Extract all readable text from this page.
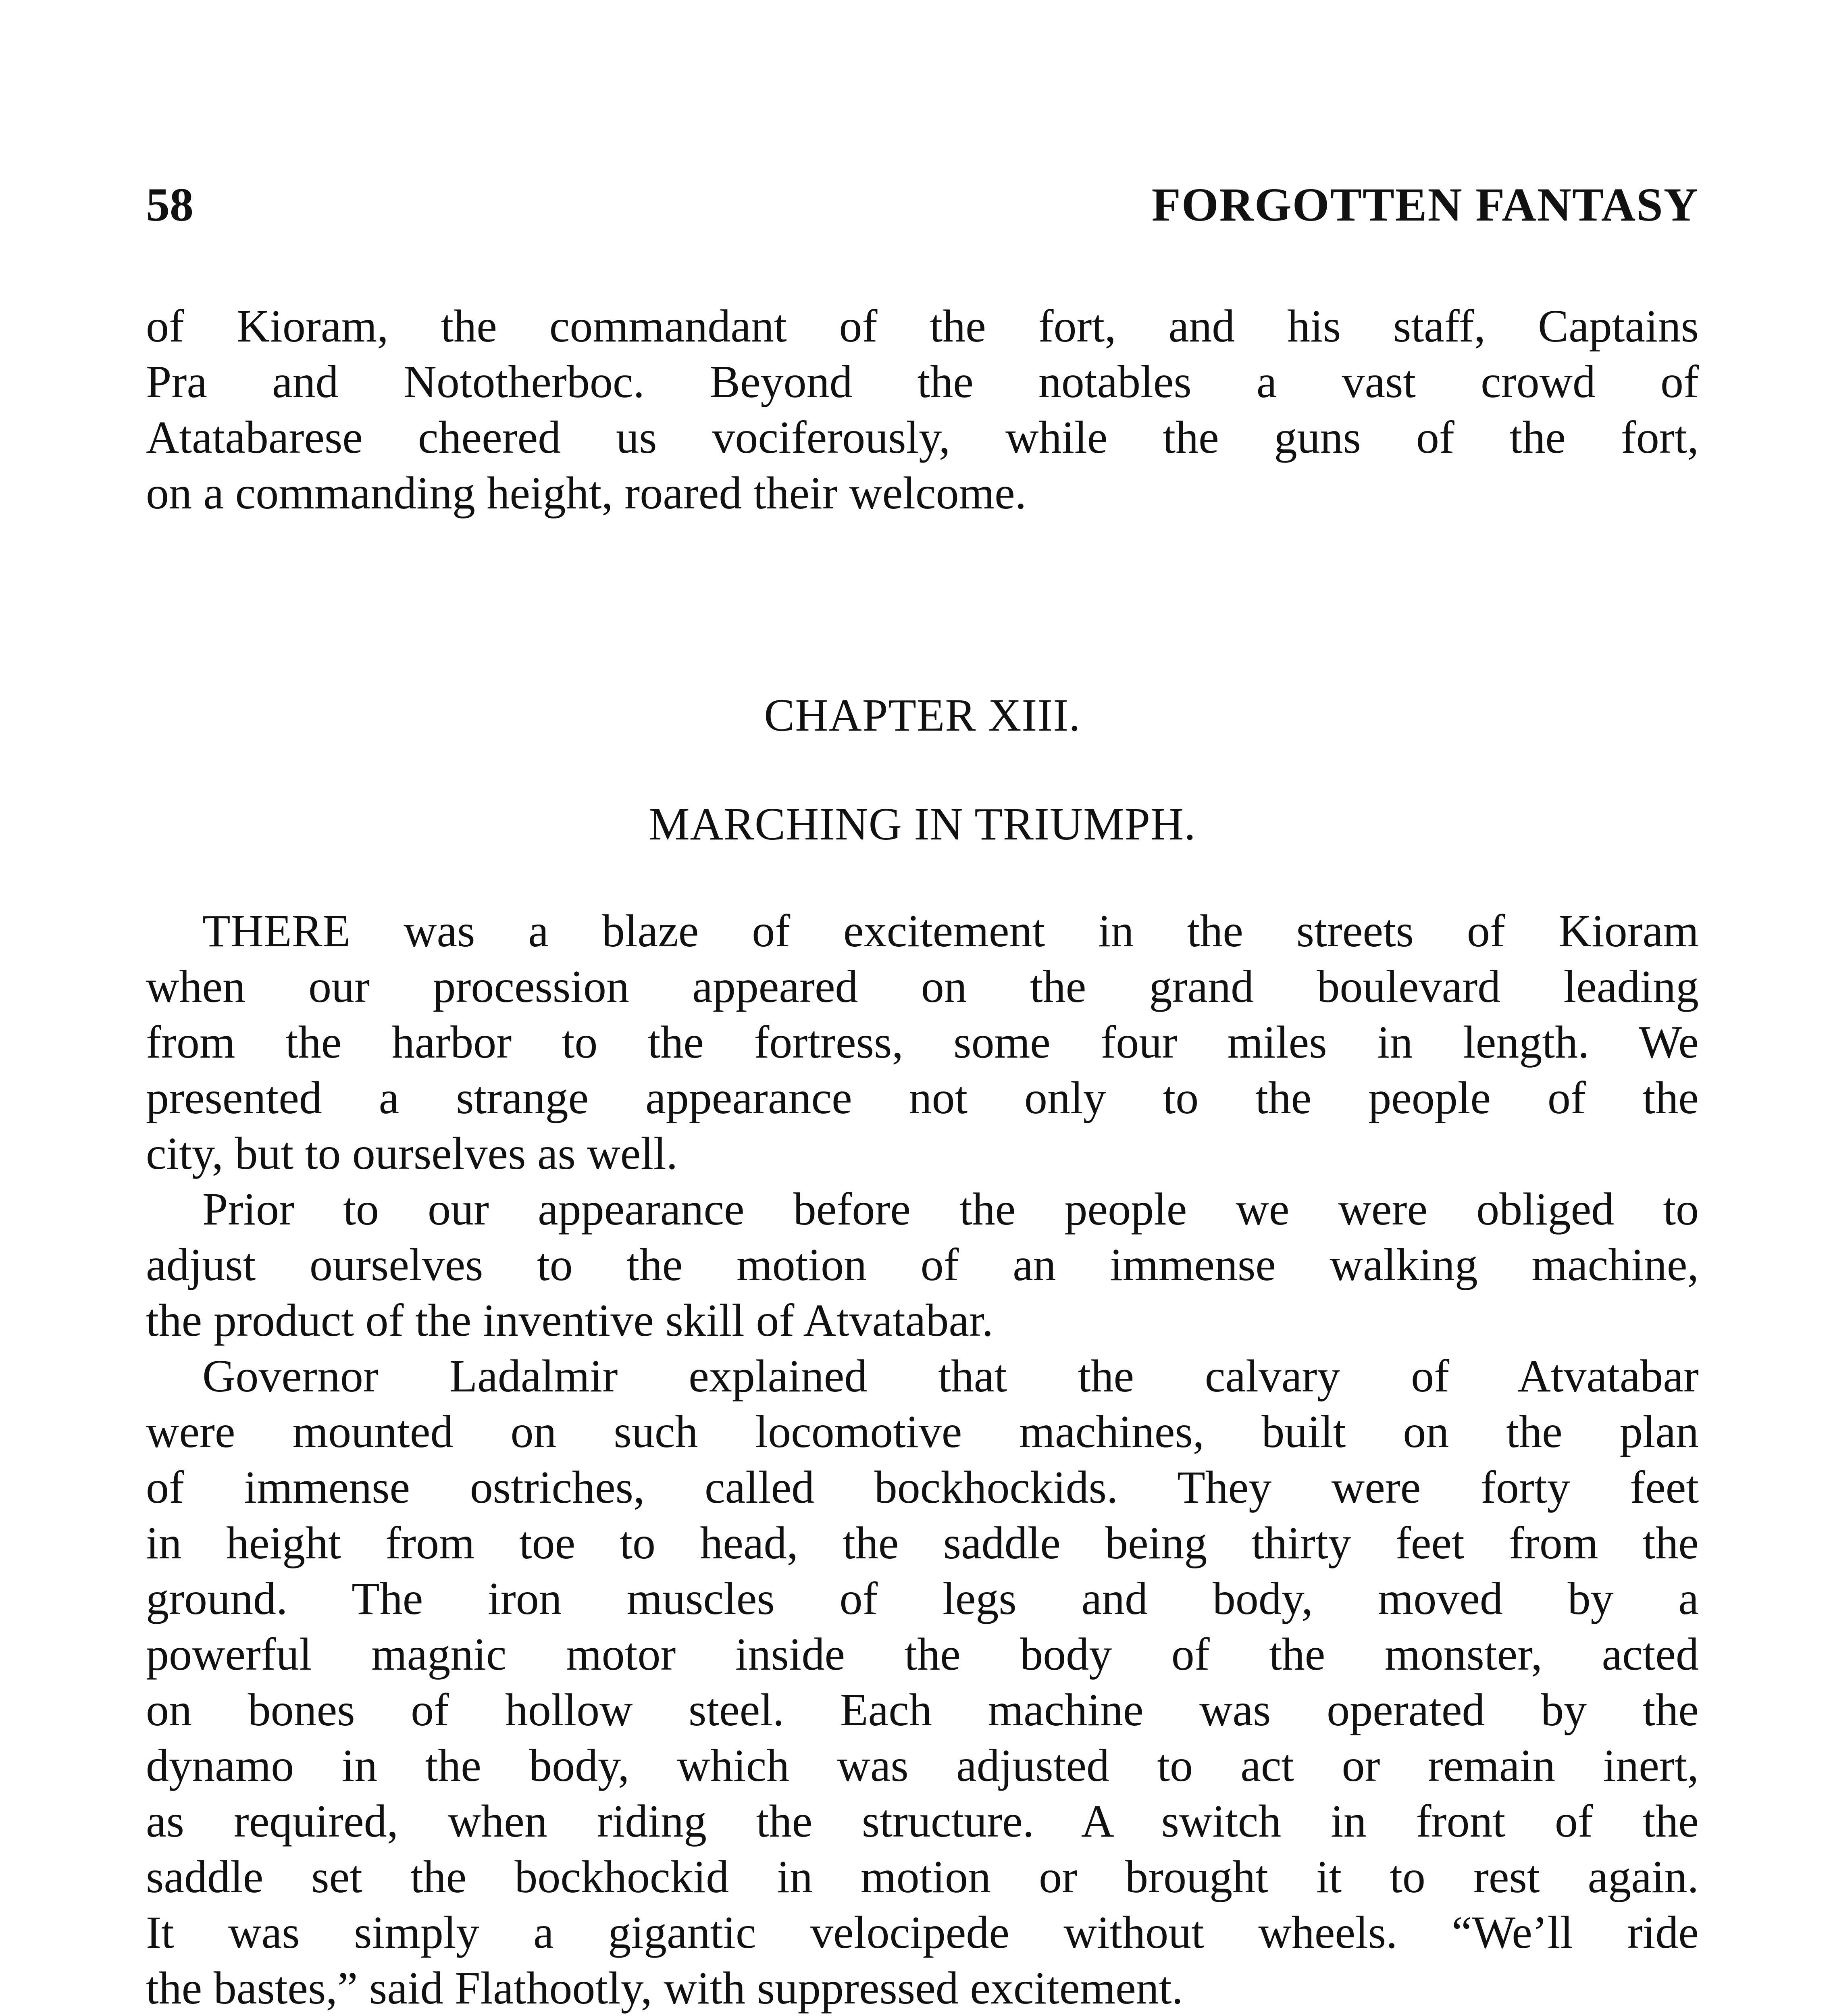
58	FORGOTTEN FANTASY
of Kioram, the commandant of the fort, and his staff, Captains
Pra and Nototherboc. Beyond the notables a vast crowd of
Atatabarese cheered us vociferously, while the guns of the fort,
on a commanding height, roared their welcome.
CHAPTER XIII.
MARCHING IN TRIUMPH.
THERE was a blaze of excitement in the streets of Kioram
when our procession appeared on the grand boulevard leading
from the harbor to the fortress, some four miles in length. We
presented a strange appearance not only to the people of the
city, but to ourselves as well.
Prior to our appearance before the people we were obliged to
adjust ourselves to the motion of an immense walking machine,
the product of the inventive skill of Atvatabar.
Governor Ladalmir explained that the calvary of Atvatabar
were mounted on such locomotive machines, built on the plan
of immense ostriches, called bockhockids. They were forty feet
in height from toe to head, the saddle being thirty feet from the
ground. The iron muscles of legs and body, moved by a
powerful magnic motor inside the body of the monster, acted
on bones of hollow steel. Each machine was operated by the
dynamo in the body, which was adjusted to act or remain inert,
as required, when riding the structure. A switch in front of the
saddle set the bockhockid in motion or brought it to rest again.
It was simply a gigantic velocipede without wheels. “We’ll ride
the bastes,” said Flathootly, with suppressed excitement.
